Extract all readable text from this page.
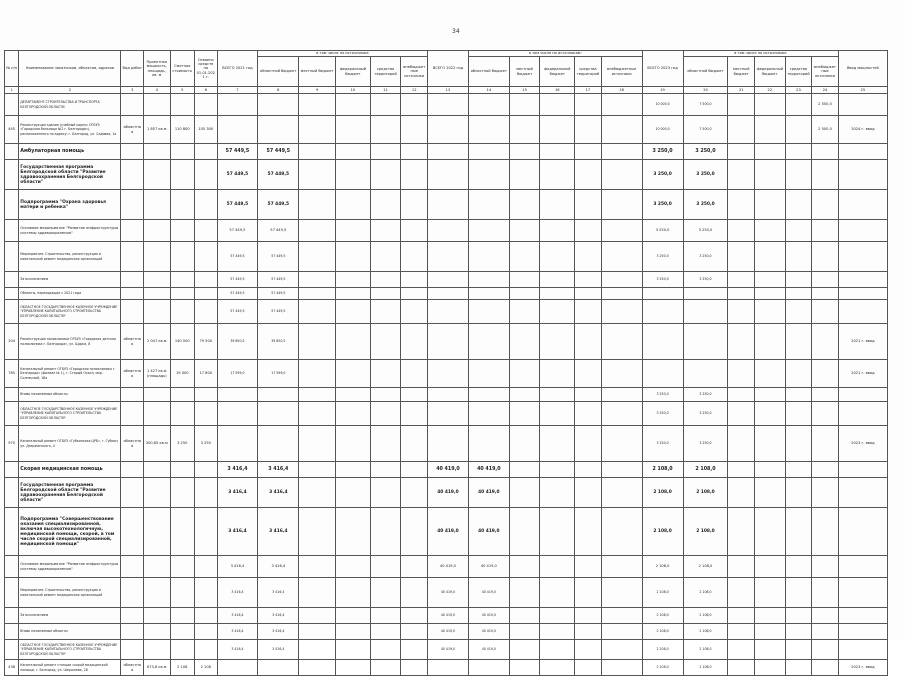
34
№ п/п	Наименование заказчиков, объектов, адресов	Вид работ	Проектная мощность, площадь, кв. м	Сметная стоимость	Освоено средств на 01.01.2021 г.	ВСЕГО 2021 год	в том числе по источникам:					ВСЕГО 2022 год	в том числе по источникам:					ВСЕГО 2023 год	в том числе по источникам:					Ввод мощностей
							областной бюджет	местный бюджет	федеральный бюджет	средства территорий	внебюджетные источники		областной бюджет	местный бюджет	федеральный бюджет	средства территорий	внебюджетные источники		областной бюджет	местный бюджет	федеральный бюджет	средства территорий	внебюджетные источники	
1	2	3	4	5	6	7	8	9	10	11	12	13	14	15	16	17	18	19	20	21	22	23	24	25
	ДЕПАРТАМЕНТ СТРОИТЕЛЬСТВА И ТРАНСПОРТА БЕЛГОРОДСКОЙ ОБЛАСТИ																	10 000,0	7 500,0				2 500,0	
445	Реконструкция здания (учебный корпус ОГБУЗ «Городская больница №2 г. Белгорода»), расположенного по адресу: г. Белгород, ул. Садовая, 1а	областная	1 857 кв.м	110 800	105 300													10 000,0	7 500,0				2 500,0	2024 г. ввод
	Амбулаторная помощь					57 449,5	57 449,5											3 250,0	3 250,0					
	Государственная программа Белгородской области "Развитие здравоохранения Белгородской области"					57 449,5	57 449,5											3 250,0	3 250,0					
	Подпрограмма "Охрана здоровья матери и ребенка"					57 449,5	57 449,5											3 250,0	3 250,0					
	Основное мероприятие "Развитие инфраструктуры системы здравоохранения"					57 449,5	57 449,5											3 250,0	3 250,0					
	Мероприятия: Строительство, реконструкция и капитальный ремонт медицинских организаций					57 449,5	57 449,5											3 250,0	3 250,0					
	За исключением					57 449,5	57 449,5											3 250,0	3 250,0					
	Объекты, переходящие с 2021 года					57 449,5	57 449,5																	
	ОБЛАСТНОЕ ГОСУДАРСТВЕННОЕ КАЗЕННОЕ УЧРЕЖДЕНИЕ "УПРАВЛЕНИЕ КАПИТАЛЬНОГО СТРОИТЕЛЬСТВА БЕЛГОРОДСКОЙ ОБЛАСТИ"					57 449,5	57 449,5																	
204	Реконструкция поликлиники ОГБУЗ «Городская детская поликлиника г. Белгорода», ул. Щорса, 8	областная	2 047 кв.м	140 000	79 500	39 850,5	39 850,5																	2021 г. ввод
785	Капитальный ремонт ОГБУЗ «Городская поликлиника г. Белгорода» (филиал № 1), г. Старый Оскол, мкр. Солнечный, 18а	областная	1 427 кв.м (площадь)	19 000	17 800	17 599,0	17 599,0																	2021 г. ввод
	Вновь начинаемые объекты																	3 250,0	3 250,0					
	ОБЛАСТНОЕ ГОСУДАРСТВЕННОЕ КАЗЕННОЕ УЧРЕЖДЕНИЕ "УПРАВЛЕНИЕ КАПИТАЛЬНОГО СТРОИТЕЛЬСТВА БЕЛГОРОДСКОЙ ОБЛАСТИ"																	3 250,0	3 250,0					
970	Капитальный ремонт ОГБУЗ «Губкинская ЦРБ», г. Губкин, ул. Дзержинского, 4	областная	300,85 кв.м	3 250	3 250													3 250,0	3 250,0					2023 г. ввод
	Скорая медицинская помощь					3 416,4	3 416,4					40 419,0	40 419,0					2 108,0	2 108,0					
	Государственная программа Белгородской области "Развитие здравоохранения Белгородской области"					3 416,4	3 416,4					40 419,0	40 419,0					2 108,0	2 108,0					
	Подпрограмма "Совершенствование оказания специализированной, включая высокотехнологичную, медицинской помощи, скорой, в том числе скорой специализированной, медицинской помощи"					3 416,4	3 416,4					40 419,0	40 419,0					2 108,0	2 108,0					
	Основное мероприятие "Развитие инфраструктуры системы здравоохранения"					3 416,4	3 416,4					40 419,0	40 419,0					2 108,0	2 108,0					
	Мероприятия: Строительство, реконструкция и капитальный ремонт медицинских организаций					3 416,4	3 416,4					40 419,0	40 419,0					2 108,0	2 108,0					
	За исключением					3 416,4	3 416,4					40 419,0	40 419,0					2 108,0	2 108,0					
	Вновь начинаемые объекты					3 416,4	3 416,4					40 419,0	40 419,0					2 108,0	2 108,0					
	ОБЛАСТНОЕ ГОСУДАРСТВЕННОЕ КАЗЕННОЕ УЧРЕЖДЕНИЕ "УПРАВЛЕНИЕ КАПИТАЛЬНОГО СТРОИТЕЛЬСТВА БЕЛГОРОДСКОЙ ОБЛАСТИ"					3 416,4	3 416,4					40 419,0	40 419,0					2 108,0	2 108,0					
438	Капитальный ремонт станции скорой медицинской помощи, г. Белгород, ул. Шершнева, 28	областная	673,8 кв.м	2 108	2 108													2 108,0	2 108,0					2023 г. ввод
